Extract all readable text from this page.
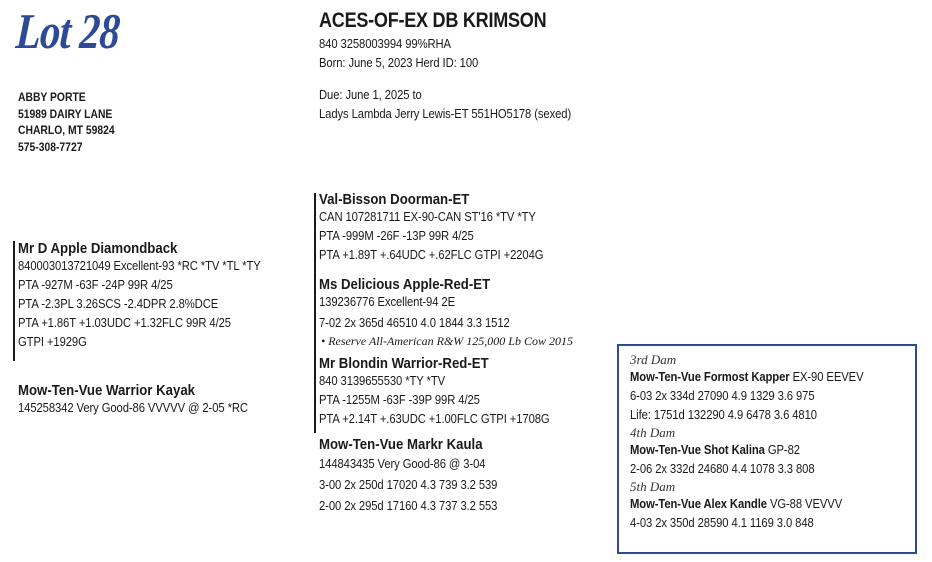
Lot 28
ABBY PORTE
51989 DAIRY LANE
CHARLO, MT 59824
575-308-7727
ACES-OF-EX DB KRIMSON
840 3258003994 99%RHA
Born: June 5, 2023 Herd ID: 100
Due: June 1, 2025 to
Ladys Lambda Jerry Lewis-ET 551HO5178 (sexed)
Mr D Apple Diamondback
840003013721049 Excellent-93 *RC *TV *TL *TY
PTA -927M -63F -24P 99R 4/25
PTA -2.3PL 3.26SCS -2.4DPR 2.8%DCE
PTA +1.86T +1.03UDC +1.32FLC 99R 4/25
GTPI +1929G
Mow-Ten-Vue Warrior Kayak
145258342 Very Good-86 VVVVV @ 2-05 *RC
Val-Bisson Doorman-ET
CAN 107281711 EX-90-CAN ST'16 *TV *TY
PTA -999M -26F -13P 99R 4/25
PTA +1.89T +.64UDC +.62FLC GTPI +2204G
Ms Delicious Apple-Red-ET
139236776 Excellent-94 2E
7-02 2x 365d 46510 4.0 1844 3.3 1512
• Reserve All-American R&W 125,000 Lb Cow 2015
Mr Blondin Warrior-Red-ET
840 3139655530 *TY *TV
PTA -1255M -63F -39P 99R 4/25
PTA +2.14T +.63UDC +1.00FLC GTPI +1708G
Mow-Ten-Vue Markr Kaula
144843435 Very Good-86 @ 3-04
3-00 2x 250d 17020 4.3 739 3.2 539
2-00 2x 295d 17160 4.3 737 3.2 553
3rd Dam
Mow-Ten-Vue Formost Kapper EX-90 EEVEV
6-03 2x 334d 27090 4.9 1329 3.6 975
Life: 1751d 132290 4.9 6478 3.6 4810
4th Dam
Mow-Ten-Vue Shot Kalina GP-82
2-06 2x 332d 24680 4.4 1078 3.3 808
5th Dam
Mow-Ten-Vue Alex Kandle VG-88 VEVVV
4-03 2x 350d 28590 4.1 1169 3.0 848
